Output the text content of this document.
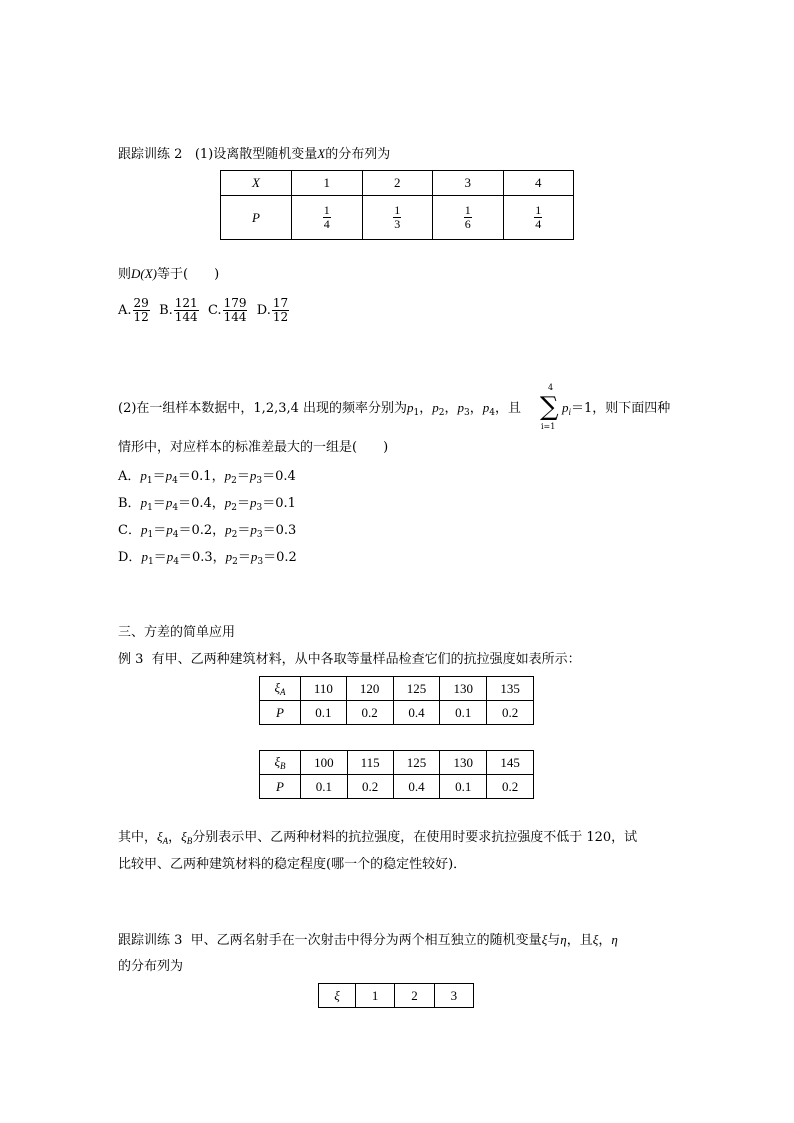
跟踪训练 2 (1)设离散型随机变量X的分布列为
X	1	2	3	4
P	$\frac{1}{4}$	$\frac{1}{3}$	$\frac{1}{6}$	$\frac{1}{4}$
则D(X)等于(　　)
A. $\frac{29}{12} B$. $\frac{121}{144} C$. $\frac{179}{144} D$. $\frac{17}{12}$
(2)在一组样本数据中，1,2,3,4 出现的频率分别为$p_1$，$p_2$，$p_3$，$p_4$，且
4
∑
i=1
$p_i=1$，则下面四种
情形中，对应样本的标准差最大的一组是(　　)
A．$p_1=p_4=0.1$，$p_2=p_3=0.4$
B．$p_1=p_4=0.4$，$p_2=p_3=0.1$
C．$p_1=p_4=0.2$，$p_2=p_3=0.3$
D．$p_1=p_4=0.3$，$p_2=p_3=0.2$
三、方差的简单应用
例 3 有甲、乙两种建筑材料，从中各取等量样品检查它们的抗拉强度如表所示：
$\xi_A$	110	120	125	130	135
P	0.1	0.2	0.4	0.1	0.2
$\xi_B$	100	115	125	130	145
P	0.1	0.2	0.4	0.1	0.2
其中，$\xi_A$，$\xi_B$分别表示甲、乙两种材料的抗拉强度，在使用时要求抗拉强度不低于 120，试
比较甲、乙两种建筑材料的稳定程度(哪一个的稳定性较好)．
跟踪训练 3 甲、乙两名射手在一次射击中得分为两个相互独立的随机变量ξ与η，且ξ，η
的分布列为
ξ	1	2	3
